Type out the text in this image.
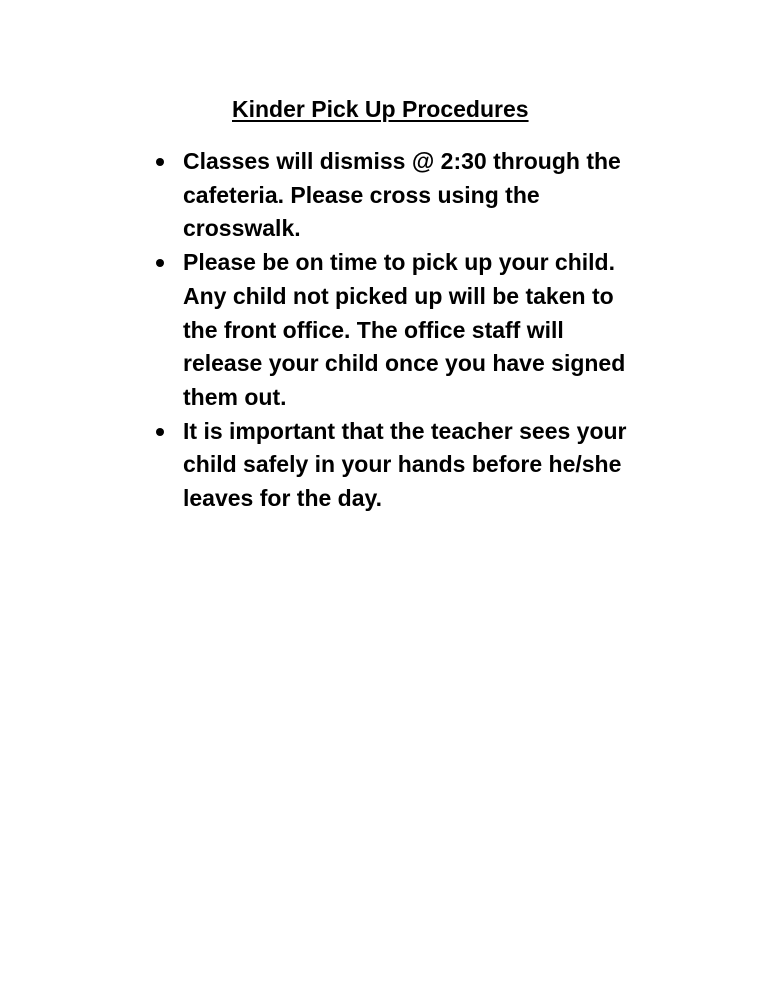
Kinder Pick Up Procedures
Classes will dismiss @ 2:30 through the
cafeteria. Please cross using the
crosswalk.
Please be on time to pick up your child.
Any child not picked up will be taken to
the front office. The office staff will
release your child once you have signed
them out.
It is important that the teacher sees your
child safely in your hands before he/she
leaves for the day.
